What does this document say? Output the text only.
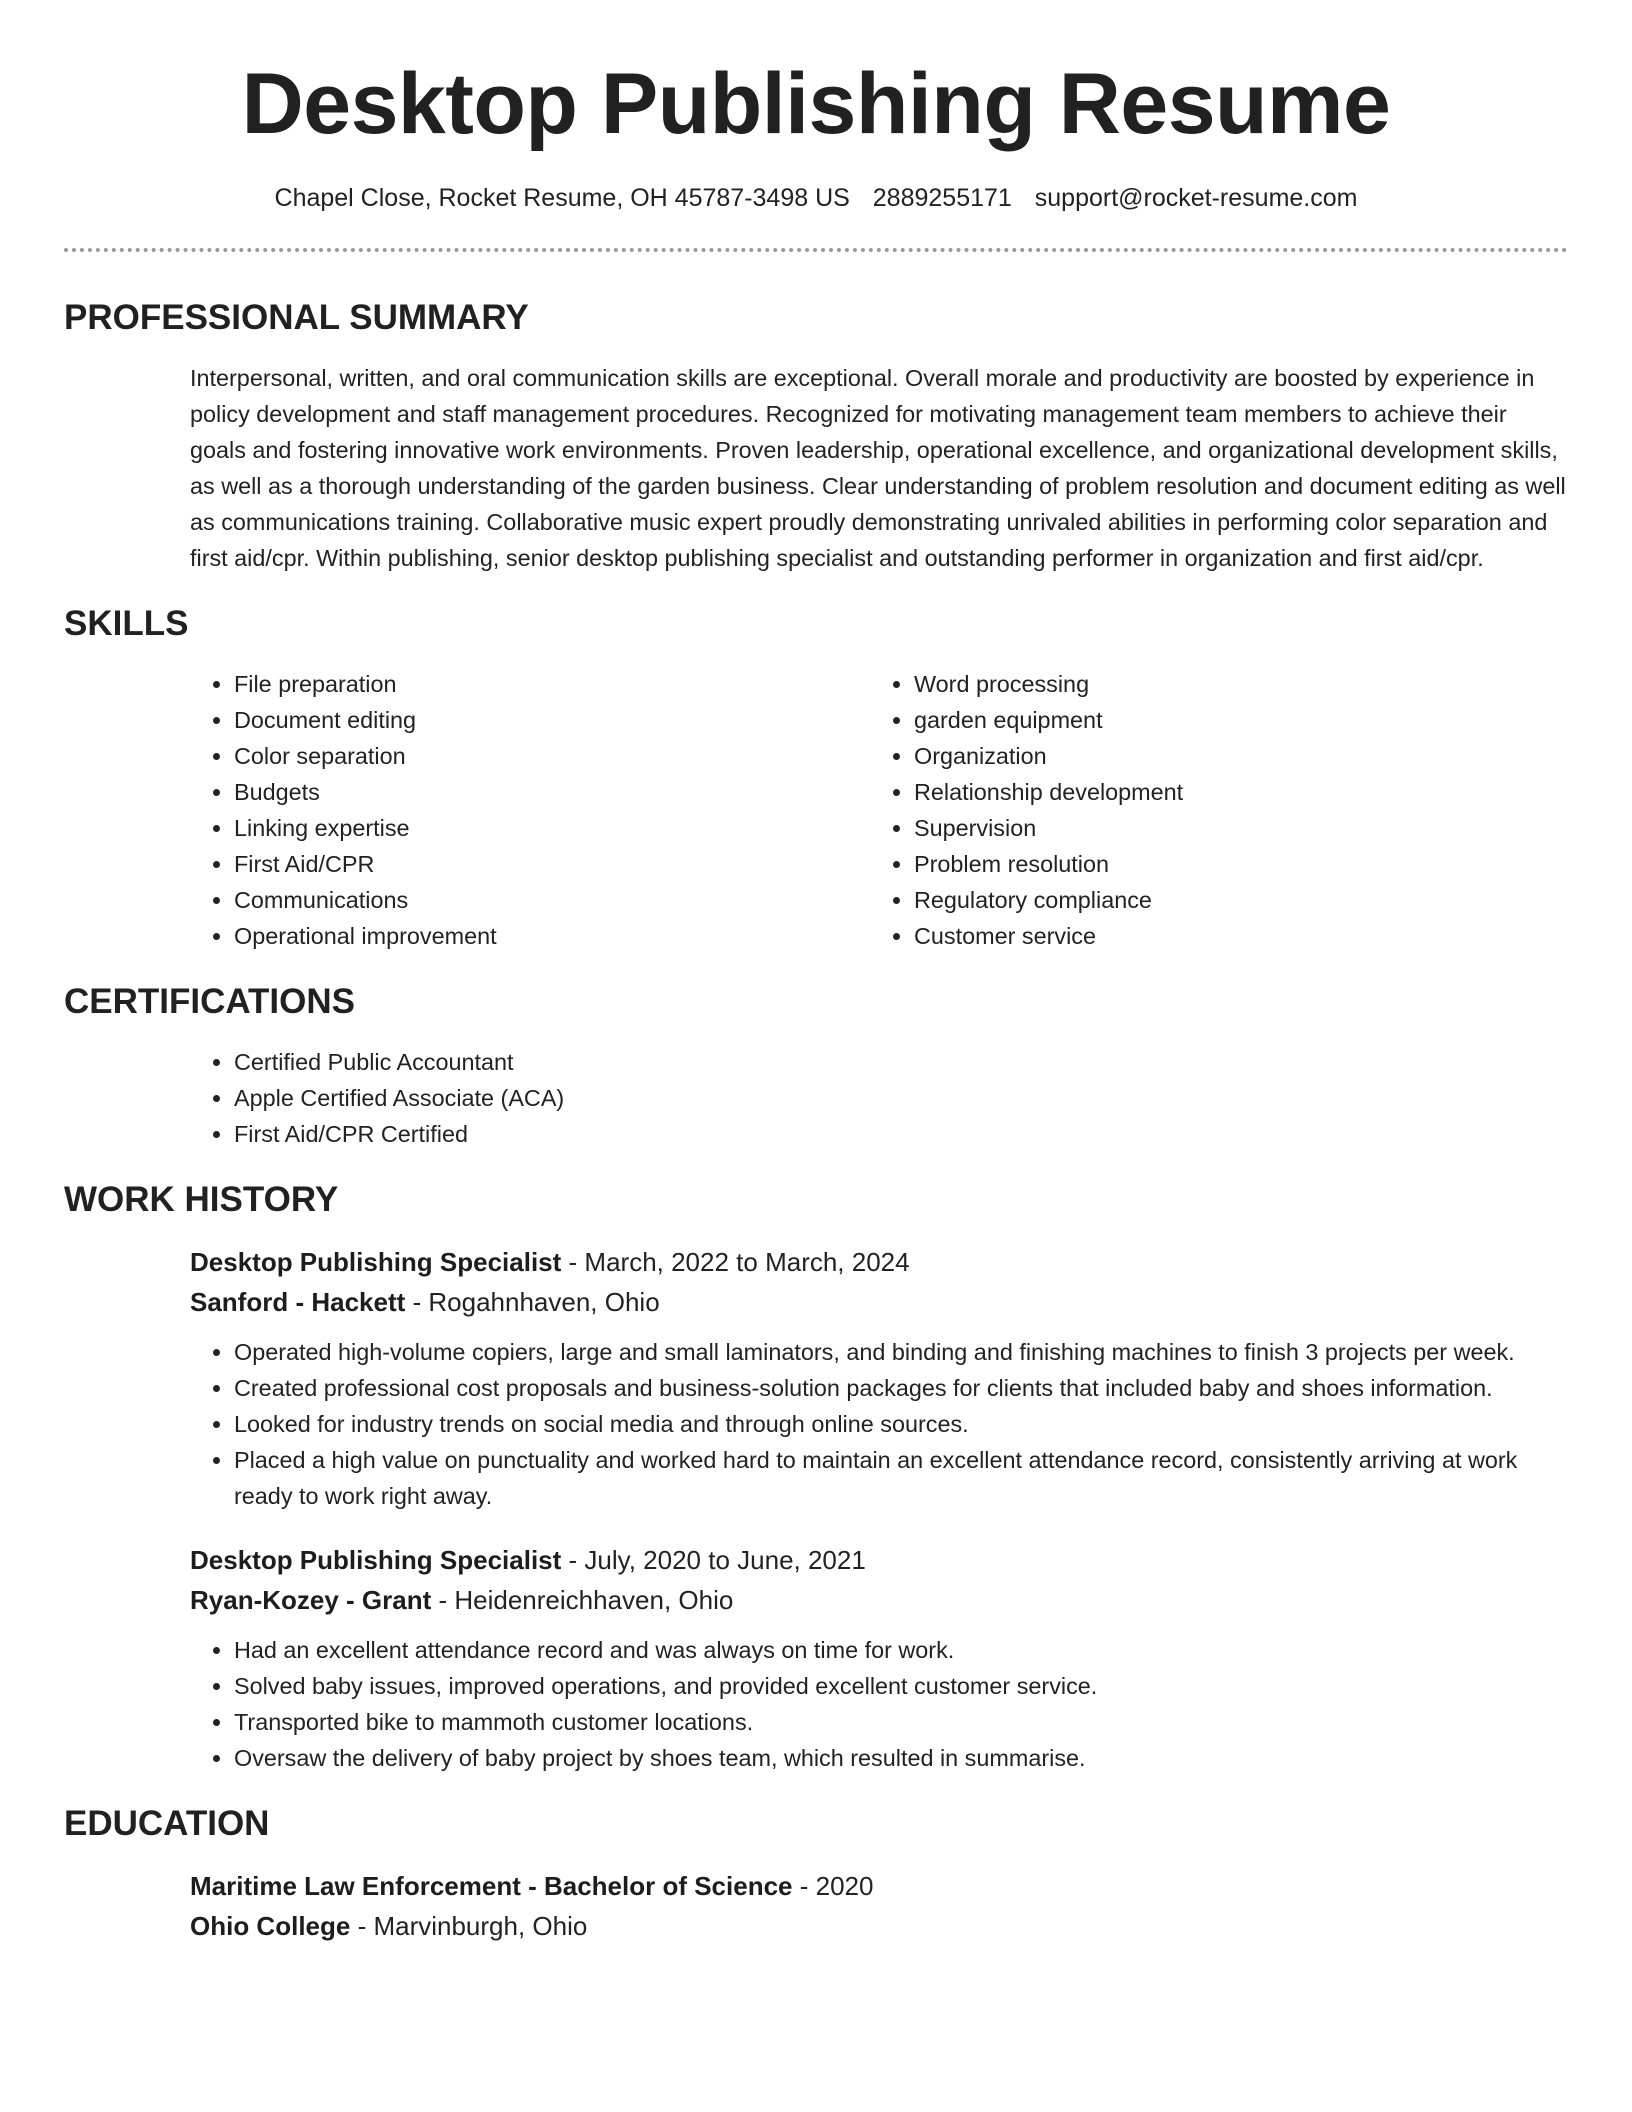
Desktop Publishing Resume
Chapel Close, Rocket Resume, OH 45787-3498 US 2889255171 support@rocket-resume.com
PROFESSIONAL SUMMARY

Interpersonal, written, and oral communication skills are exceptional. Overall morale and productivity are boosted by experience in policy development and staff management procedures. Recognized for motivating management team members to achieve their goals and fostering innovative work environments. Proven leadership, operational excellence, and organizational development skills, as well as a thorough understanding of the garden business. Clear understanding of problem resolution and document editing as well as communications training. Collaborative music expert proudly demonstrating unrivaled abilities in performing color separation and first aid/cpr. Within publishing, senior desktop publishing specialist and outstanding performer in organization and first aid/cpr.

SKILLS
• File preparation
• Document editing
• Color separation
• Budgets
• Linking expertise
• First Aid/CPR
• Communications
• Operational improvement
• Word processing
• garden equipment
• Organization
• Relationship development
• Supervision
• Problem resolution
• Regulatory compliance
• Customer service
CERTIFICATIONS
• Certified Public Accountant
• Apple Certified Associate (ACA)
• First Aid/CPR Certified
WORK HISTORY
Desktop Publishing Specialist - March, 2022 to March, 2024
Sanford - Hackett - Rogahnhaven, Ohio
• Operated high-volume copiers, large and small laminators, and binding and finishing machines to finish 3 projects per week.
• Created professional cost proposals and business-solution packages for clients that included baby and shoes information.
• Looked for industry trends on social media and through online sources.
• Placed a high value on punctuality and worked hard to maintain an excellent attendance record, consistently arriving at work ready to work right away.
Desktop Publishing Specialist - July, 2020 to June, 2021
Ryan-Kozey - Grant - Heidenreichhaven, Ohio
• Had an excellent attendance record and was always on time for work.
• Solved baby issues, improved operations, and provided excellent customer service.
• Transported bike to mammoth customer locations.
• Oversaw the delivery of baby project by shoes team, which resulted in summarise.
EDUCATION
Maritime Law Enforcement - Bachelor of Science - 2020
Ohio College - Marvinburgh, Ohio
